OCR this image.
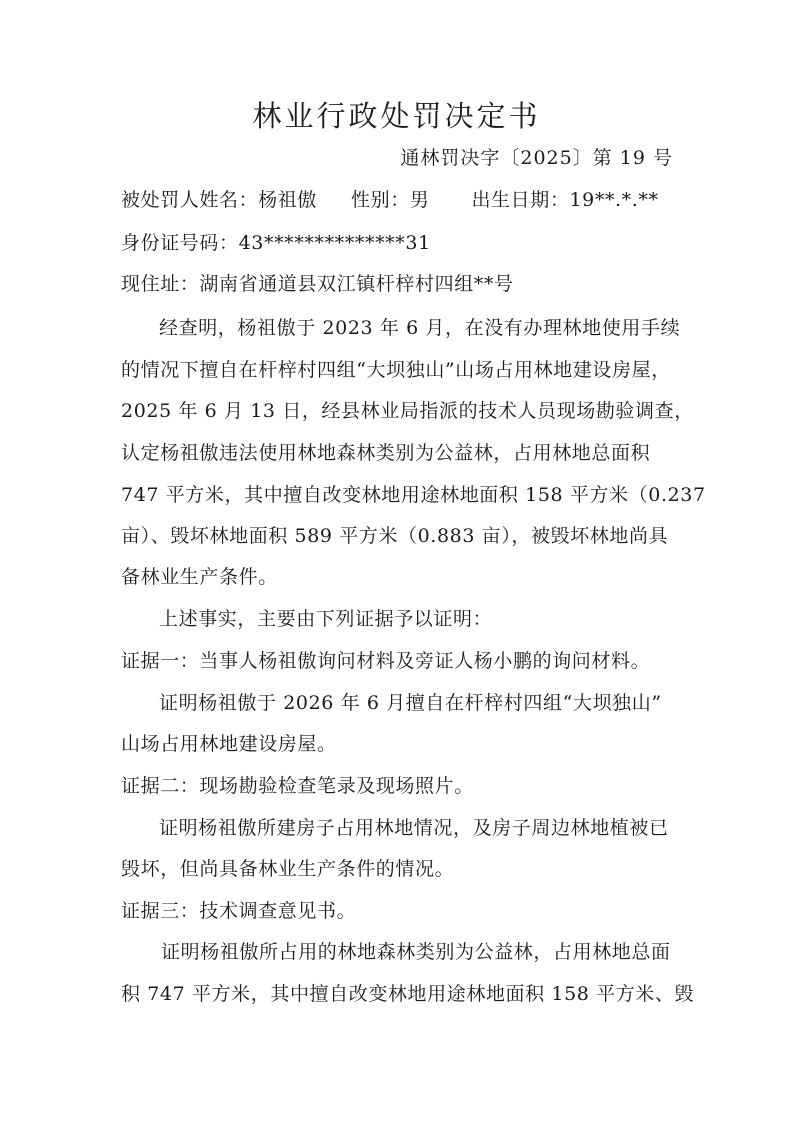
林业行政处罚决定书
通林罚决字〔2025〕第 19 号
被处罚人姓名：杨祖傲 性别：男 出生日期：19**.*.**
身份证号码：43**************31
现住址：湖南省通道县双江镇杆梓村四组**号
经查明，杨祖傲于 2023 年 6 月，在没有办理林地使用手续
的情况下擅自在杆梓村四组“大坝独山”山场占用林地建设房屋，
2025 年 6 月 13 日，经县林业局指派的技术人员现场勘验调查，
认定杨祖傲违法使用林地森林类别为公益林，占用林地总面积
747 平方米，其中擅自改变林地用途林地面积 158 平方米（0.237
亩）、毁坏林地面积 589 平方米（0.883 亩），被毁坏林地尚具
备林业生产条件。
上述事实，主要由下列证据予以证明：
证据一：当事人杨祖傲询问材料及旁证人杨小鹏的询问材料。
证明杨祖傲于 2026 年 6 月擅自在杆梓村四组“大坝独山”
山场占用林地建设房屋。
证据二：现场勘验检查笔录及现场照片。
证明杨祖傲所建房子占用林地情况，及房子周边林地植被已
毁坏，但尚具备林业生产条件的情况。
证据三：技术调查意见书。
证明杨祖傲所占用的林地森林类别为公益林，占用林地总面
积 747 平方米，其中擅自改变林地用途林地面积 158 平方米、毁
